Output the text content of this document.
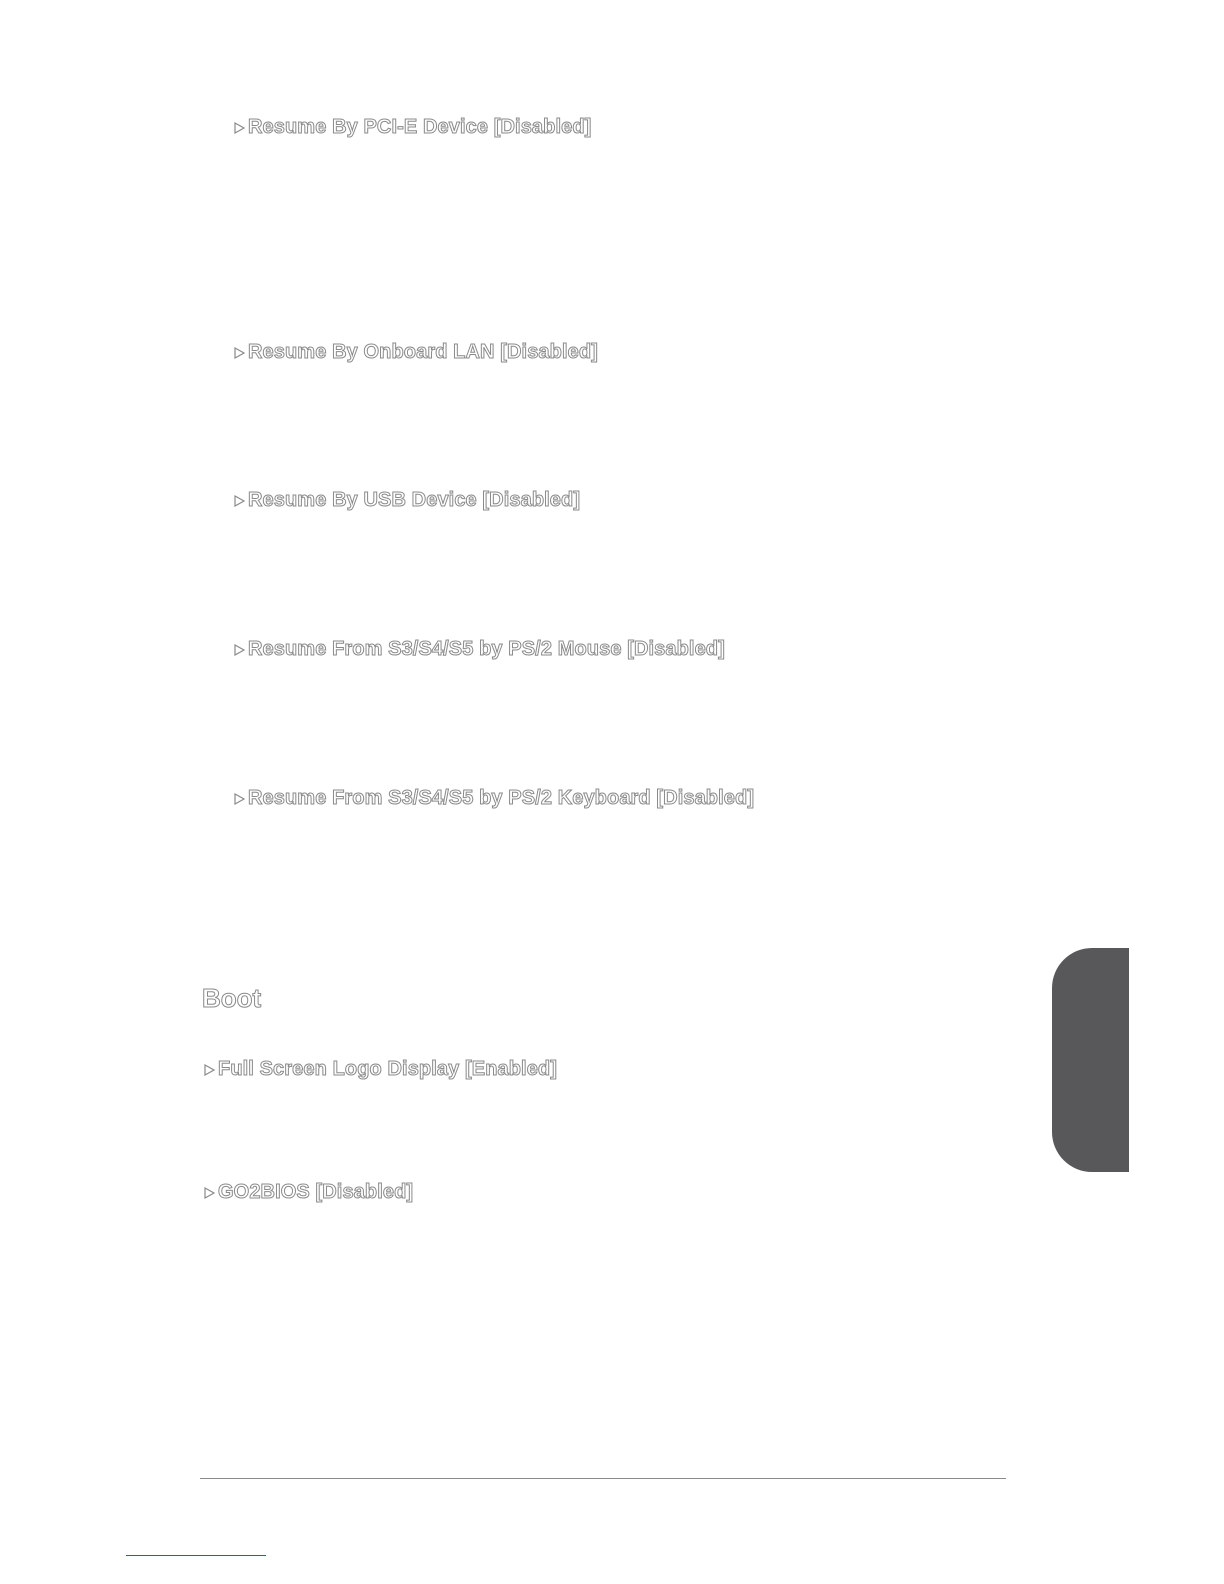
Resume By PCI-E Device [Disabled]
Resume By Onboard LAN [Disabled]
Resume By USB Device [Disabled]
Resume From S3/S4/S5 by PS/2 Mouse [Disabled]
Resume From S3/S4/S5 by PS/2 Keyboard [Disabled]
Boot
Full Screen Logo Display [Enabled]
GO2BIOS [Disabled]
